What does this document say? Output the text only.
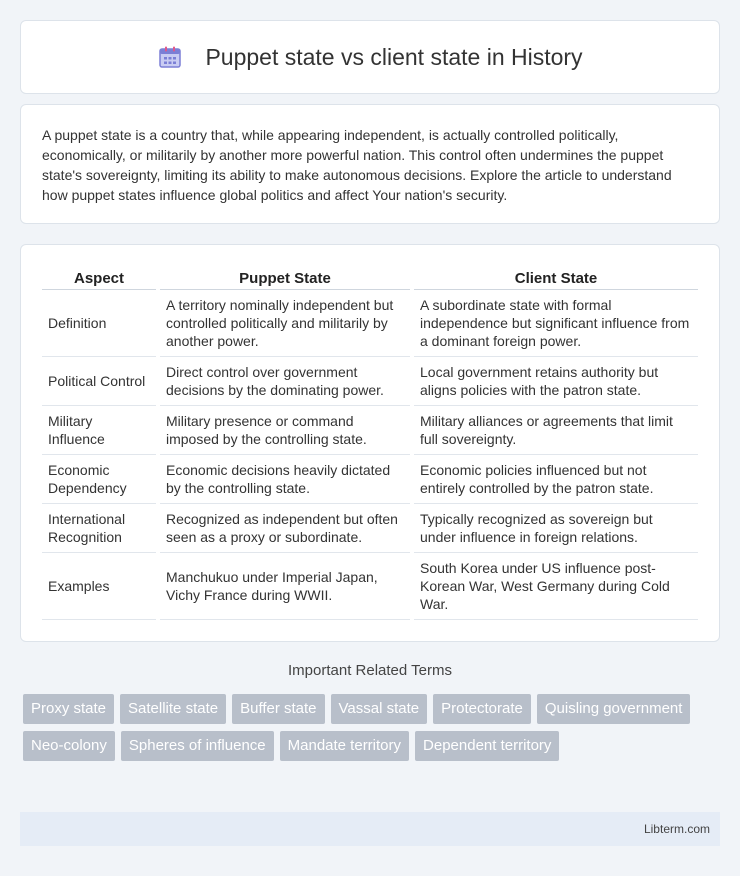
Puppet state vs client state in History

A puppet state is a country that, while appearing independent, is actually controlled politically, economically, or militarily by another more powerful nation. This control often undermines the puppet state's sovereignty, limiting its ability to make autonomous decisions. Explore the article to understand how puppet states influence global politics and affect Your nation's security.

Aspect	Puppet State	Client State
Definition	A territory nominally independent but controlled politically and militarily by another power.	A subordinate state with formal independence but significant influence from a dominant foreign power.
Political Control	Direct control over government decisions by the dominating power.	Local government retains authority but aligns policies with the patron state.
Military Influence	Military presence or command imposed by the controlling state.	Military alliances or agreements that limit full sovereignty.
Economic Dependency	Economic decisions heavily dictated by the controlling state.	Economic policies influenced but not entirely controlled by the patron state.
International Recognition	Recognized as independent but often seen as a proxy or subordinate.	Typically recognized as sovereign but under influence in foreign relations.
Examples	Manchukuo under Imperial Japan, Vichy France during WWII.	South Korea under US influence post-Korean War, West Germany during Cold War.
Important Related Terms
Proxy state	Satellite state	Buffer state	Vassal state	Protectorate	Quisling government
Neo-colony	Spheres of influence	Mandate territory	Dependent territory
Libterm.com
